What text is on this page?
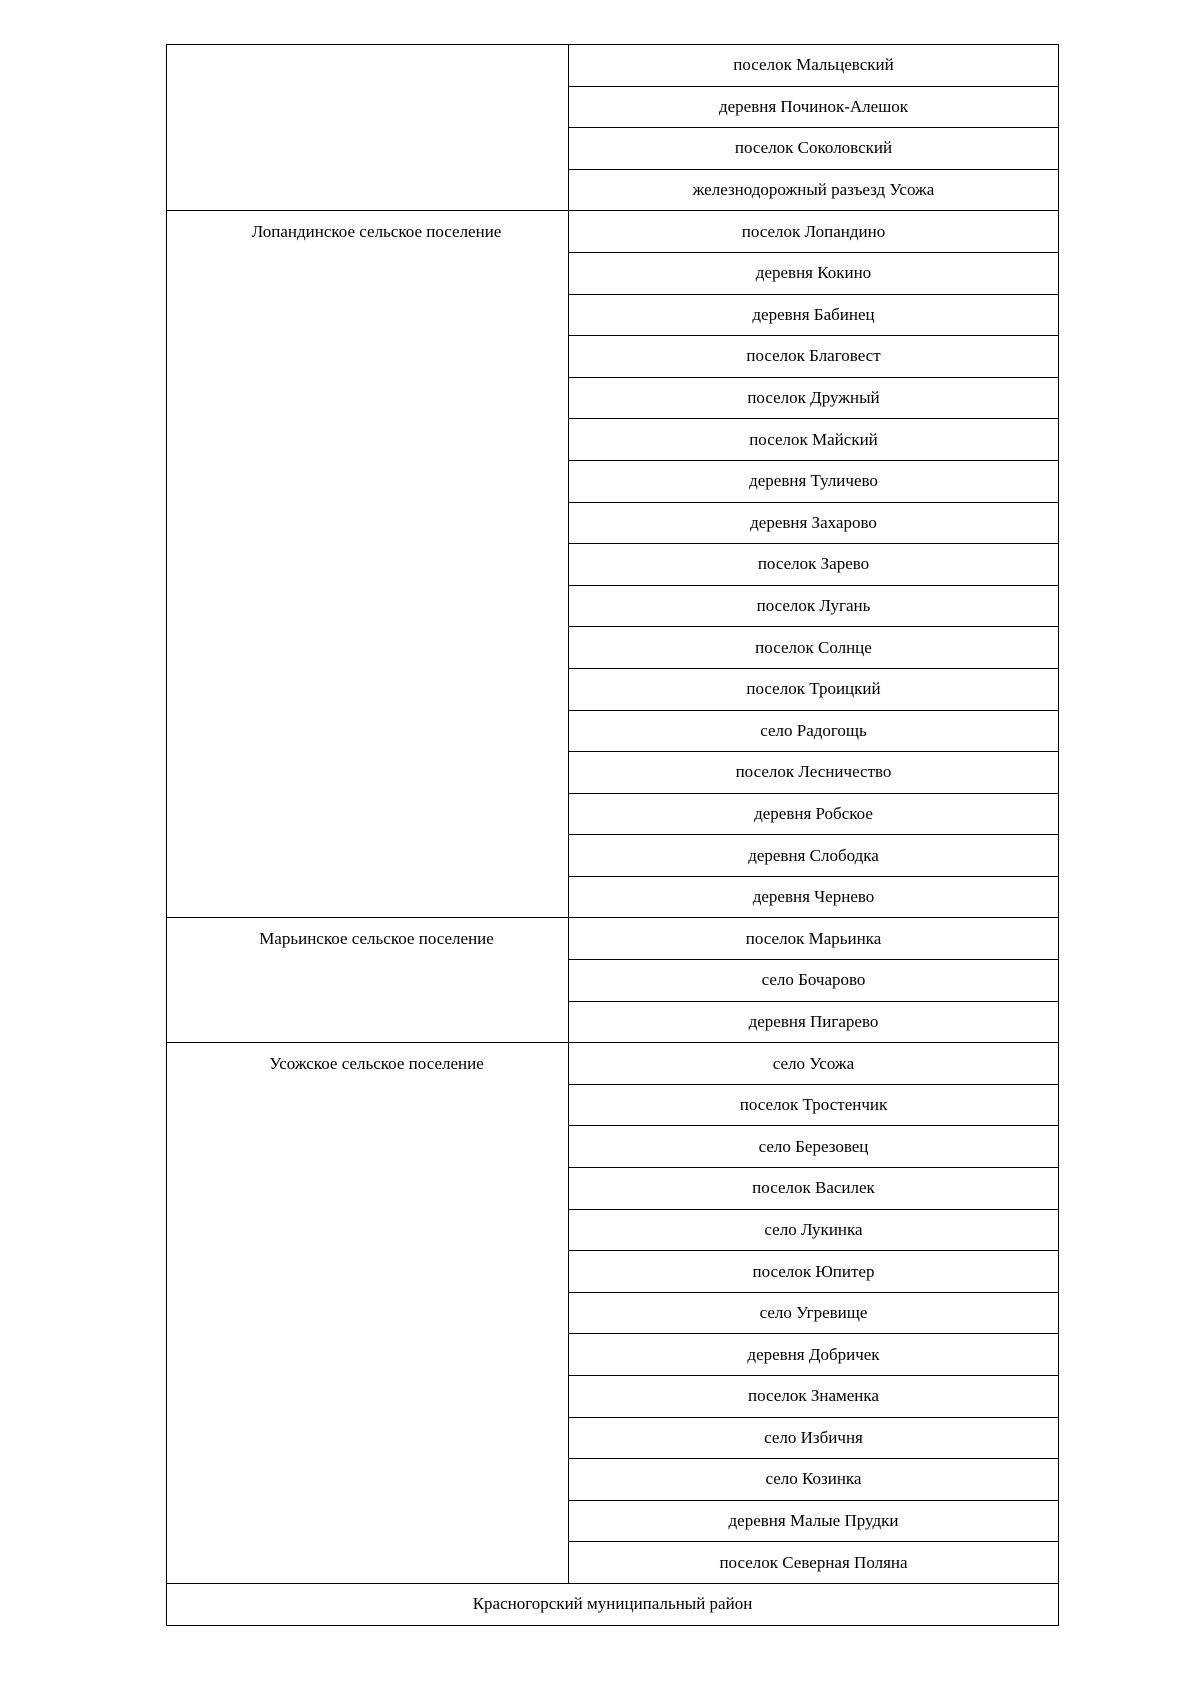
	поселок Мальцевский
	деревня Починок-Алешок
	поселок Соколовский
	железнодорожный разъезд Усожа
Лопандинское сельское поселение	поселок Лопандино
	деревня Кокино
	деревня Бабинец
	поселок Благовест
	поселок Дружный
	поселок Майский
	деревня Туличево
	деревня Захарово
	поселок Зарево
	поселок Лугань
	поселок Солнце
	поселок Троицкий
	село Радогощь
	поселок Лесничество
	деревня Робское
	деревня Слободка
	деревня Чернево
Марьинское сельское поселение	поселок Марьинка
	село Бочарово
	деревня Пигарево
Усожское сельское поселение	село Усожа
	поселок Тростенчик
	село Березовец
	поселок Василек
	село Лукинка
	поселок Юпитер
	село Угревище
	деревня Добричек
	поселок Знаменка
	село Избичня
	село Козинка
	деревня Малые Прудки
	поселок Северная Поляна
Красногорский муниципальный район	
